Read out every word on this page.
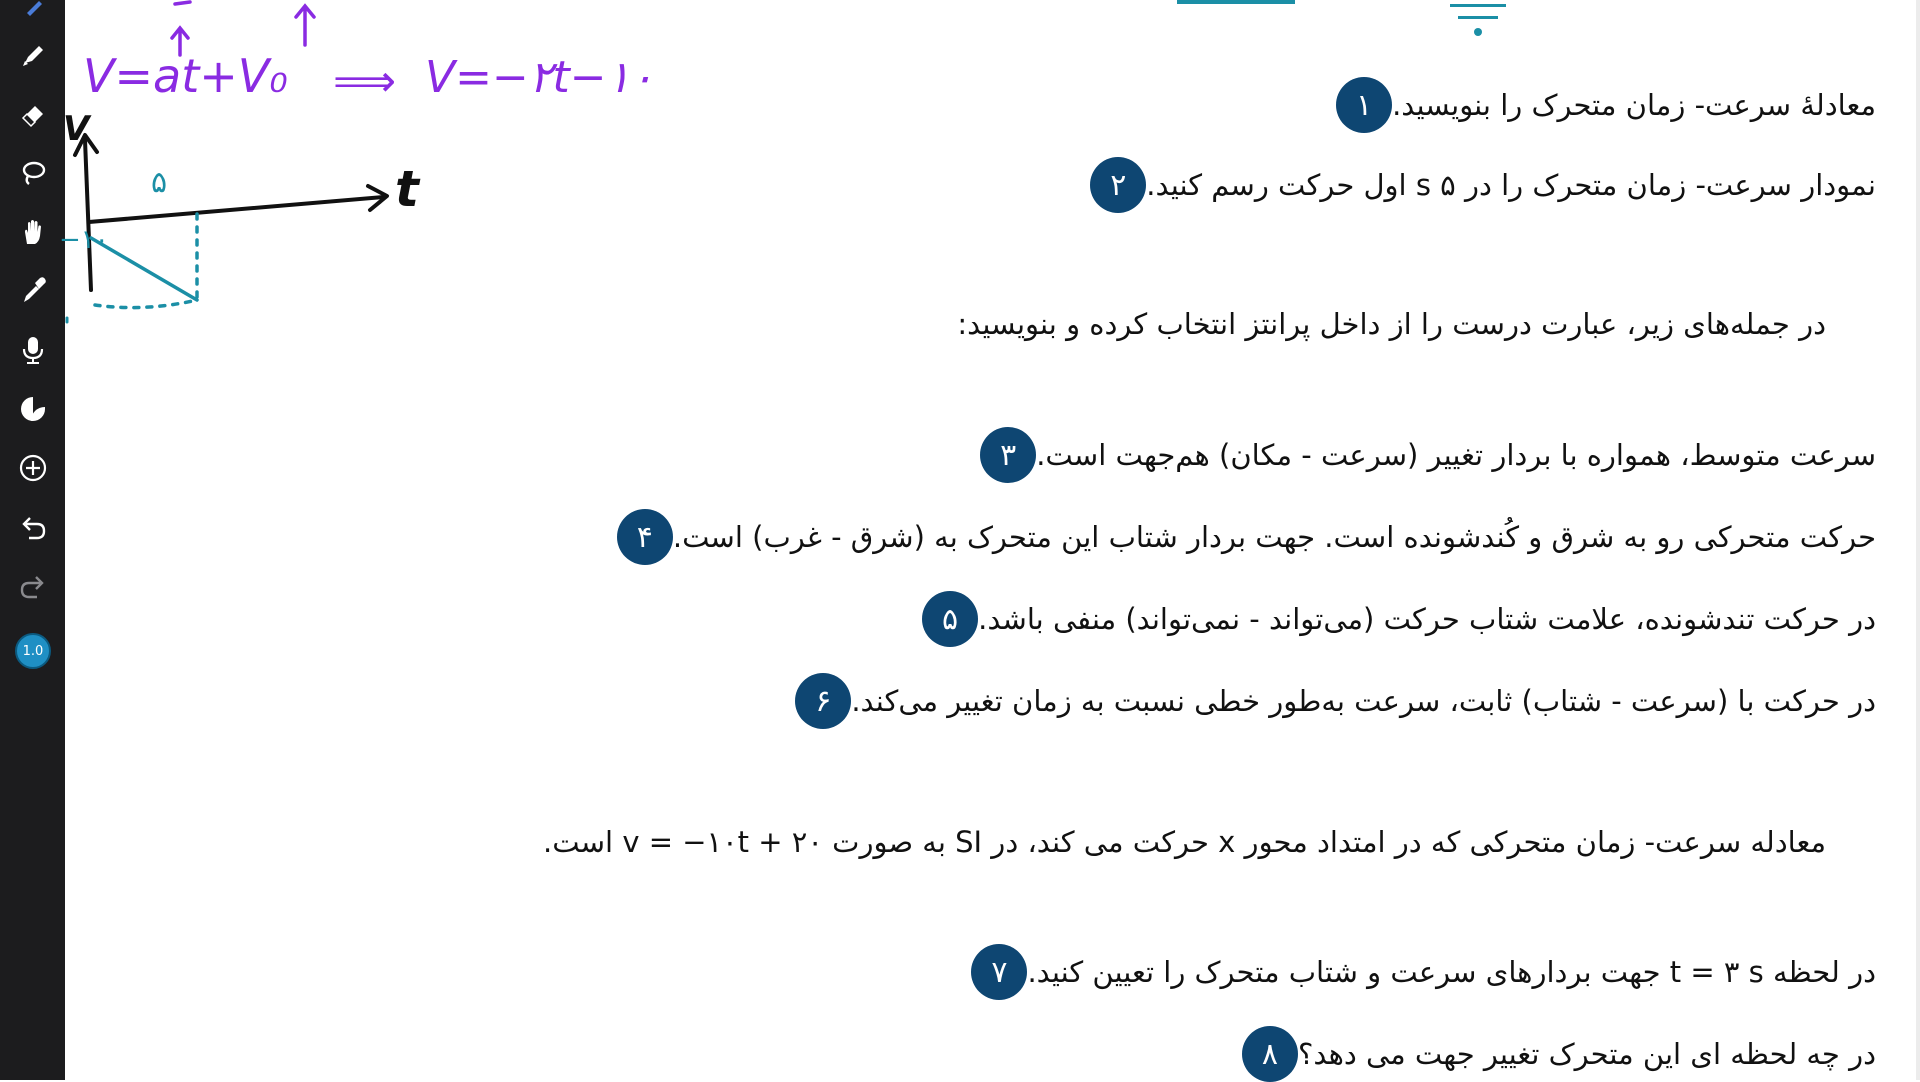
1.0
V=at+V₀ ⟹ V=−۲t−۱۰
V
t
۵
−۱۰
۱ معادلهٔ سرعت- زمان متحرک را بنویسید.
۲ نمودار سرعت- زمان متحرک را در ۵ s اول حرکت رسم کنید.
در جمله‌های زیر، عبارت درست را از داخل پرانتز انتخاب کرده و بنویسید:
۳ سرعت متوسط، همواره با بردار تغییر (سرعت - مکان) هم‌جهت است.
۴ حرکت متحرکی رو به شرق و کُندشونده است. جهت بردار شتاب این متحرک به (شرق - غرب) است.
۵ در حرکت تندشونده، علامت شتاب حرکت (می‌تواند - نمی‌تواند) منفی باشد.
۶ در حرکت با (سرعت - شتاب) ثابت، سرعت به‌طور خطی نسبت به زمان تغییر می‌کند.
معادله سرعت- زمان متحرکی که در امتداد محور x حرکت می کند، در SI به صورت v = −۱۰t + ۲۰ است.
۷ در لحظه t = ۳ s جهت بردارهای سرعت و شتاب متحرک را تعیین کنید.
۸ در چه لحظه ای این متحرک تغییر جهت می دهد؟
